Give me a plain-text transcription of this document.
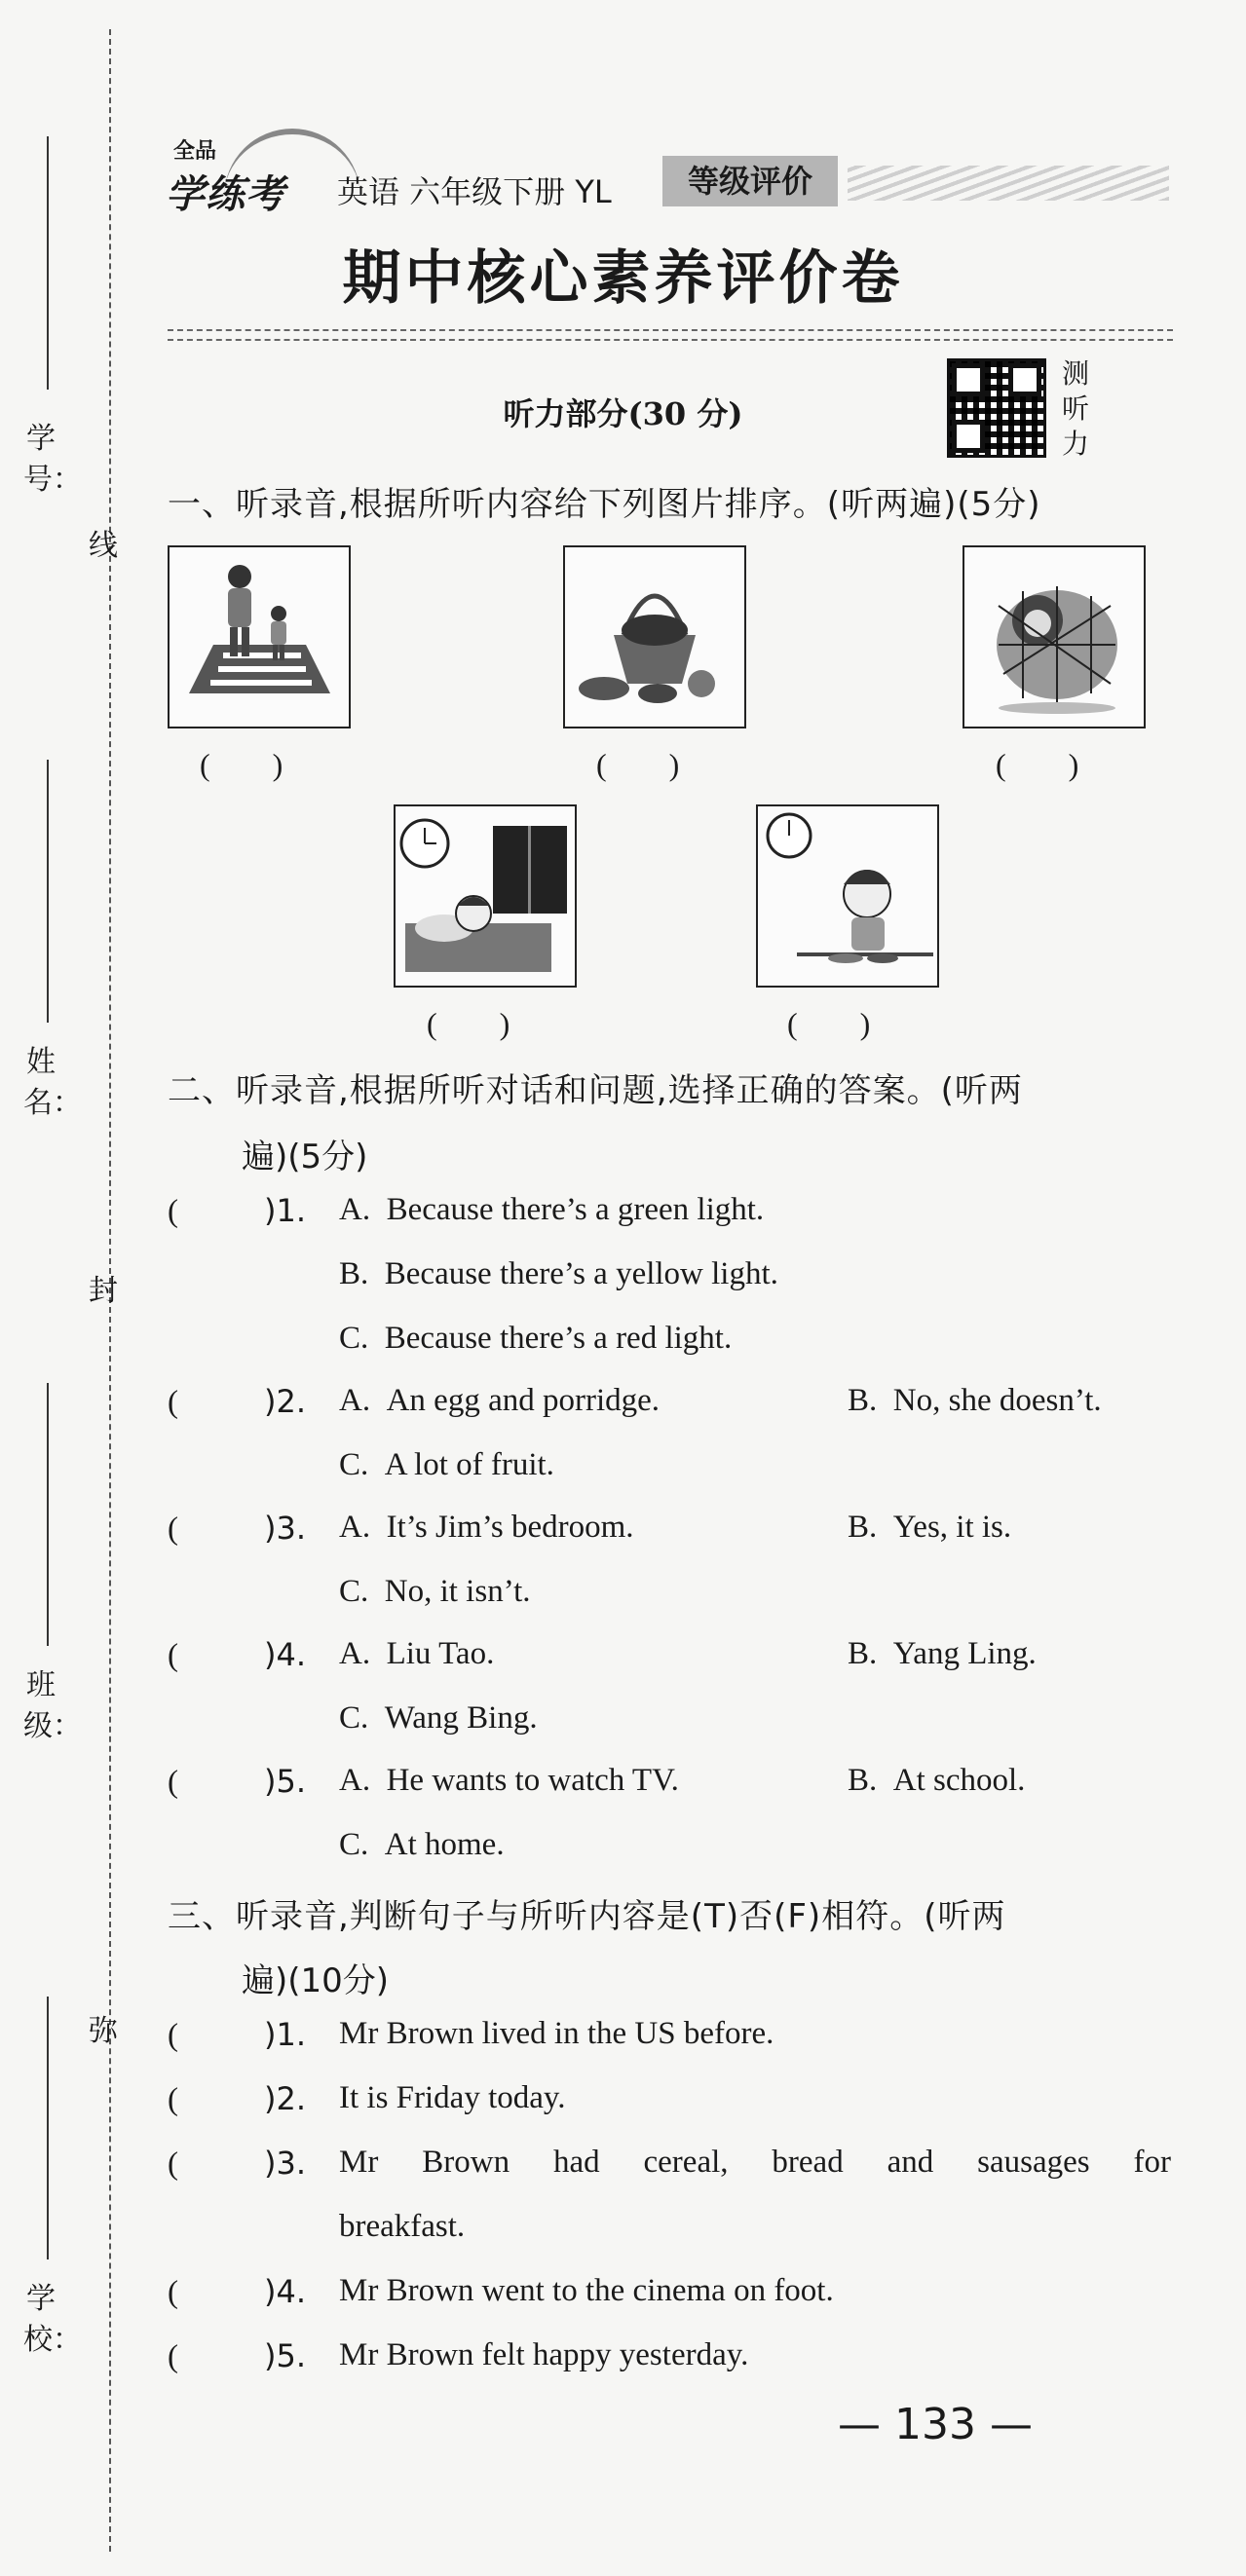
学 号：
线
姓 名：
封
班 级：
弥
学 校：
全品
学练考 英语 六年级下册 YL	等级评价
期中核心素养评价卷
听力部分(30 分)
测
听
力
一、听录音,根据所听内容给下列图片排序。(听两遍)(5分)
(　　)	(　　)	(　　)
(　　)	(　　)
二、听录音,根据所听对话和问题,选择正确的答案。(听两
遍)(5分)
(	)1. A. Because there’s a green light.
B. Because there’s a yellow light.
C. Because there’s a red light.
(	)2. A. An egg and porridge.	B. No, she doesn’t.
C. A lot of fruit.
(	)3. A. It’s Jim’s bedroom.	B. Yes, it is.
C. No, it isn’t.
(	)4. A. Liu Tao.	B. Yang Ling.
C. Wang Bing.
(	)5. A. He wants to watch TV.	B. At school.
C. At home.
三、听录音,判断句子与所听内容是(T)否(F)相符。(听两
遍)(10分)
(	)1. Mr Brown lived in the US before.
(	)2. It is Friday today.
(	)3. Mr Brown had cereal, bread and sausages for
breakfast.
(	)4. Mr Brown went to the cinema on foot.
(	)5. Mr Brown felt happy yesterday.
— 133 —
